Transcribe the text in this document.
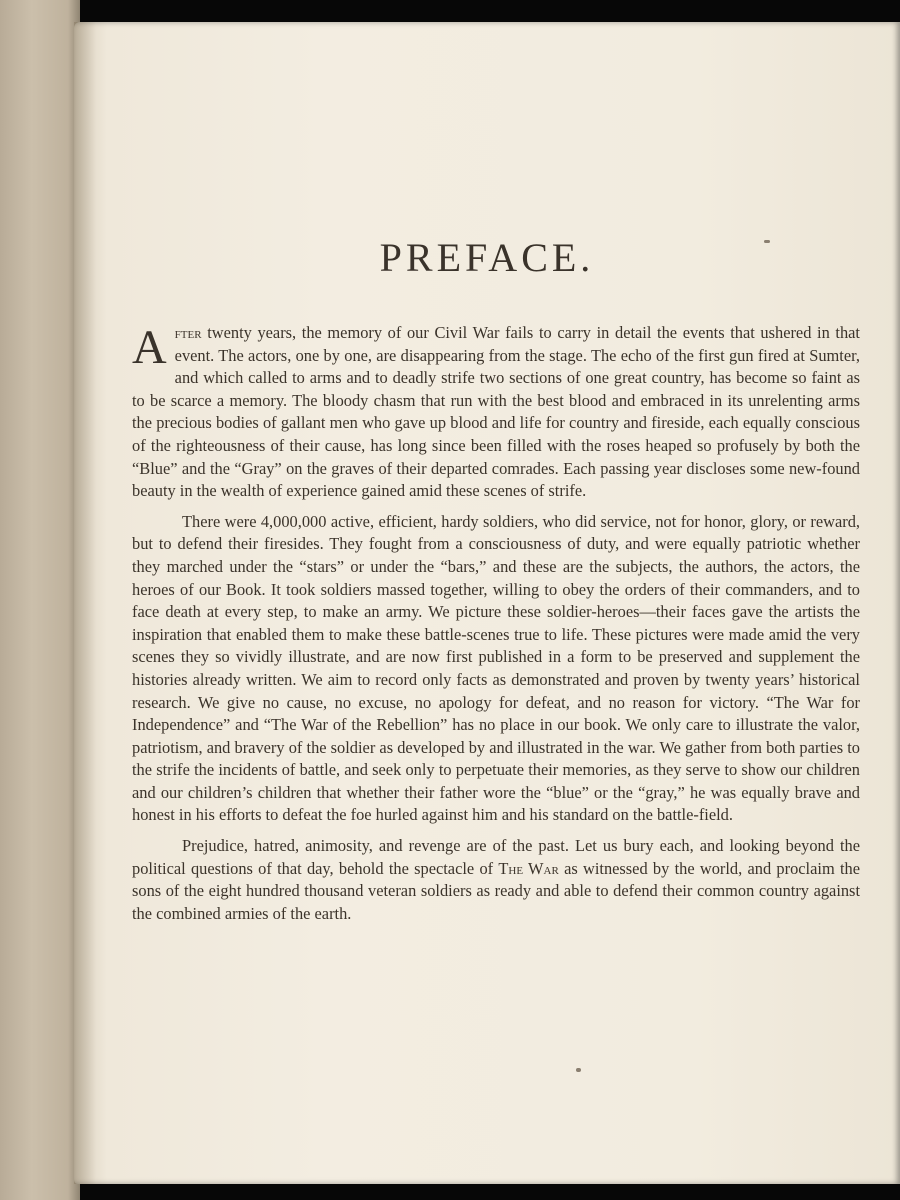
PREFACE.

After twenty years, the memory of our Civil War fails to carry in detail the events that ushered in that event. The actors, one by one, are disappearing from the stage. The echo of the first gun fired at Sumter, and which called to arms and to deadly strife two sections of one great country, has become so faint as to be scarce a memory. The bloody chasm that run with the best blood and embraced in its unrelenting arms the precious bodies of gallant men who gave up blood and life for country and fireside, each equally conscious of the righteousness of their cause, has long since been filled with the roses heaped so profusely by both the “Blue” and the “Gray” on the graves of their departed comrades. Each passing year discloses some new-found beauty in the wealth of experience gained amid these scenes of strife.

There were 4,000,000 active, efficient, hardy soldiers, who did service, not for honor, glory, or reward, but to defend their firesides. They fought from a consciousness of duty, and were equally patriotic whether they marched under the “stars” or under the “bars,” and these are the subjects, the authors, the actors, the heroes of our Book. It took soldiers massed together, willing to obey the orders of their commanders, and to face death at every step, to make an army. We picture these soldier-heroes—their faces gave the artists the inspiration that enabled them to make these battle-scenes true to life. These pictures were made amid the very scenes they so vividly illustrate, and are now first published in a form to be preserved and supplement the histories already written. We aim to record only facts as demonstrated and proven by twenty years’ historical research. We give no cause, no excuse, no apology for defeat, and no reason for victory. “The War for Independence” and “The War of the Rebellion” has no place in our book. We only care to illustrate the valor, patriotism, and bravery of the soldier as developed by and illustrated in the war. We gather from both parties to the strife the incidents of battle, and seek only to perpetuate their memories, as they serve to show our children and our children’s children that whether their father wore the “blue” or the “gray,” he was equally brave and honest in his efforts to defeat the foe hurled against him and his standard on the battle-field.

Prejudice, hatred, animosity, and revenge are of the past. Let us bury each, and looking beyond the political questions of that day, behold the spectacle of The War as witnessed by the world, and proclaim the sons of the eight hundred thousand veteran soldiers as ready and able to defend their common country against the combined armies of the earth.
